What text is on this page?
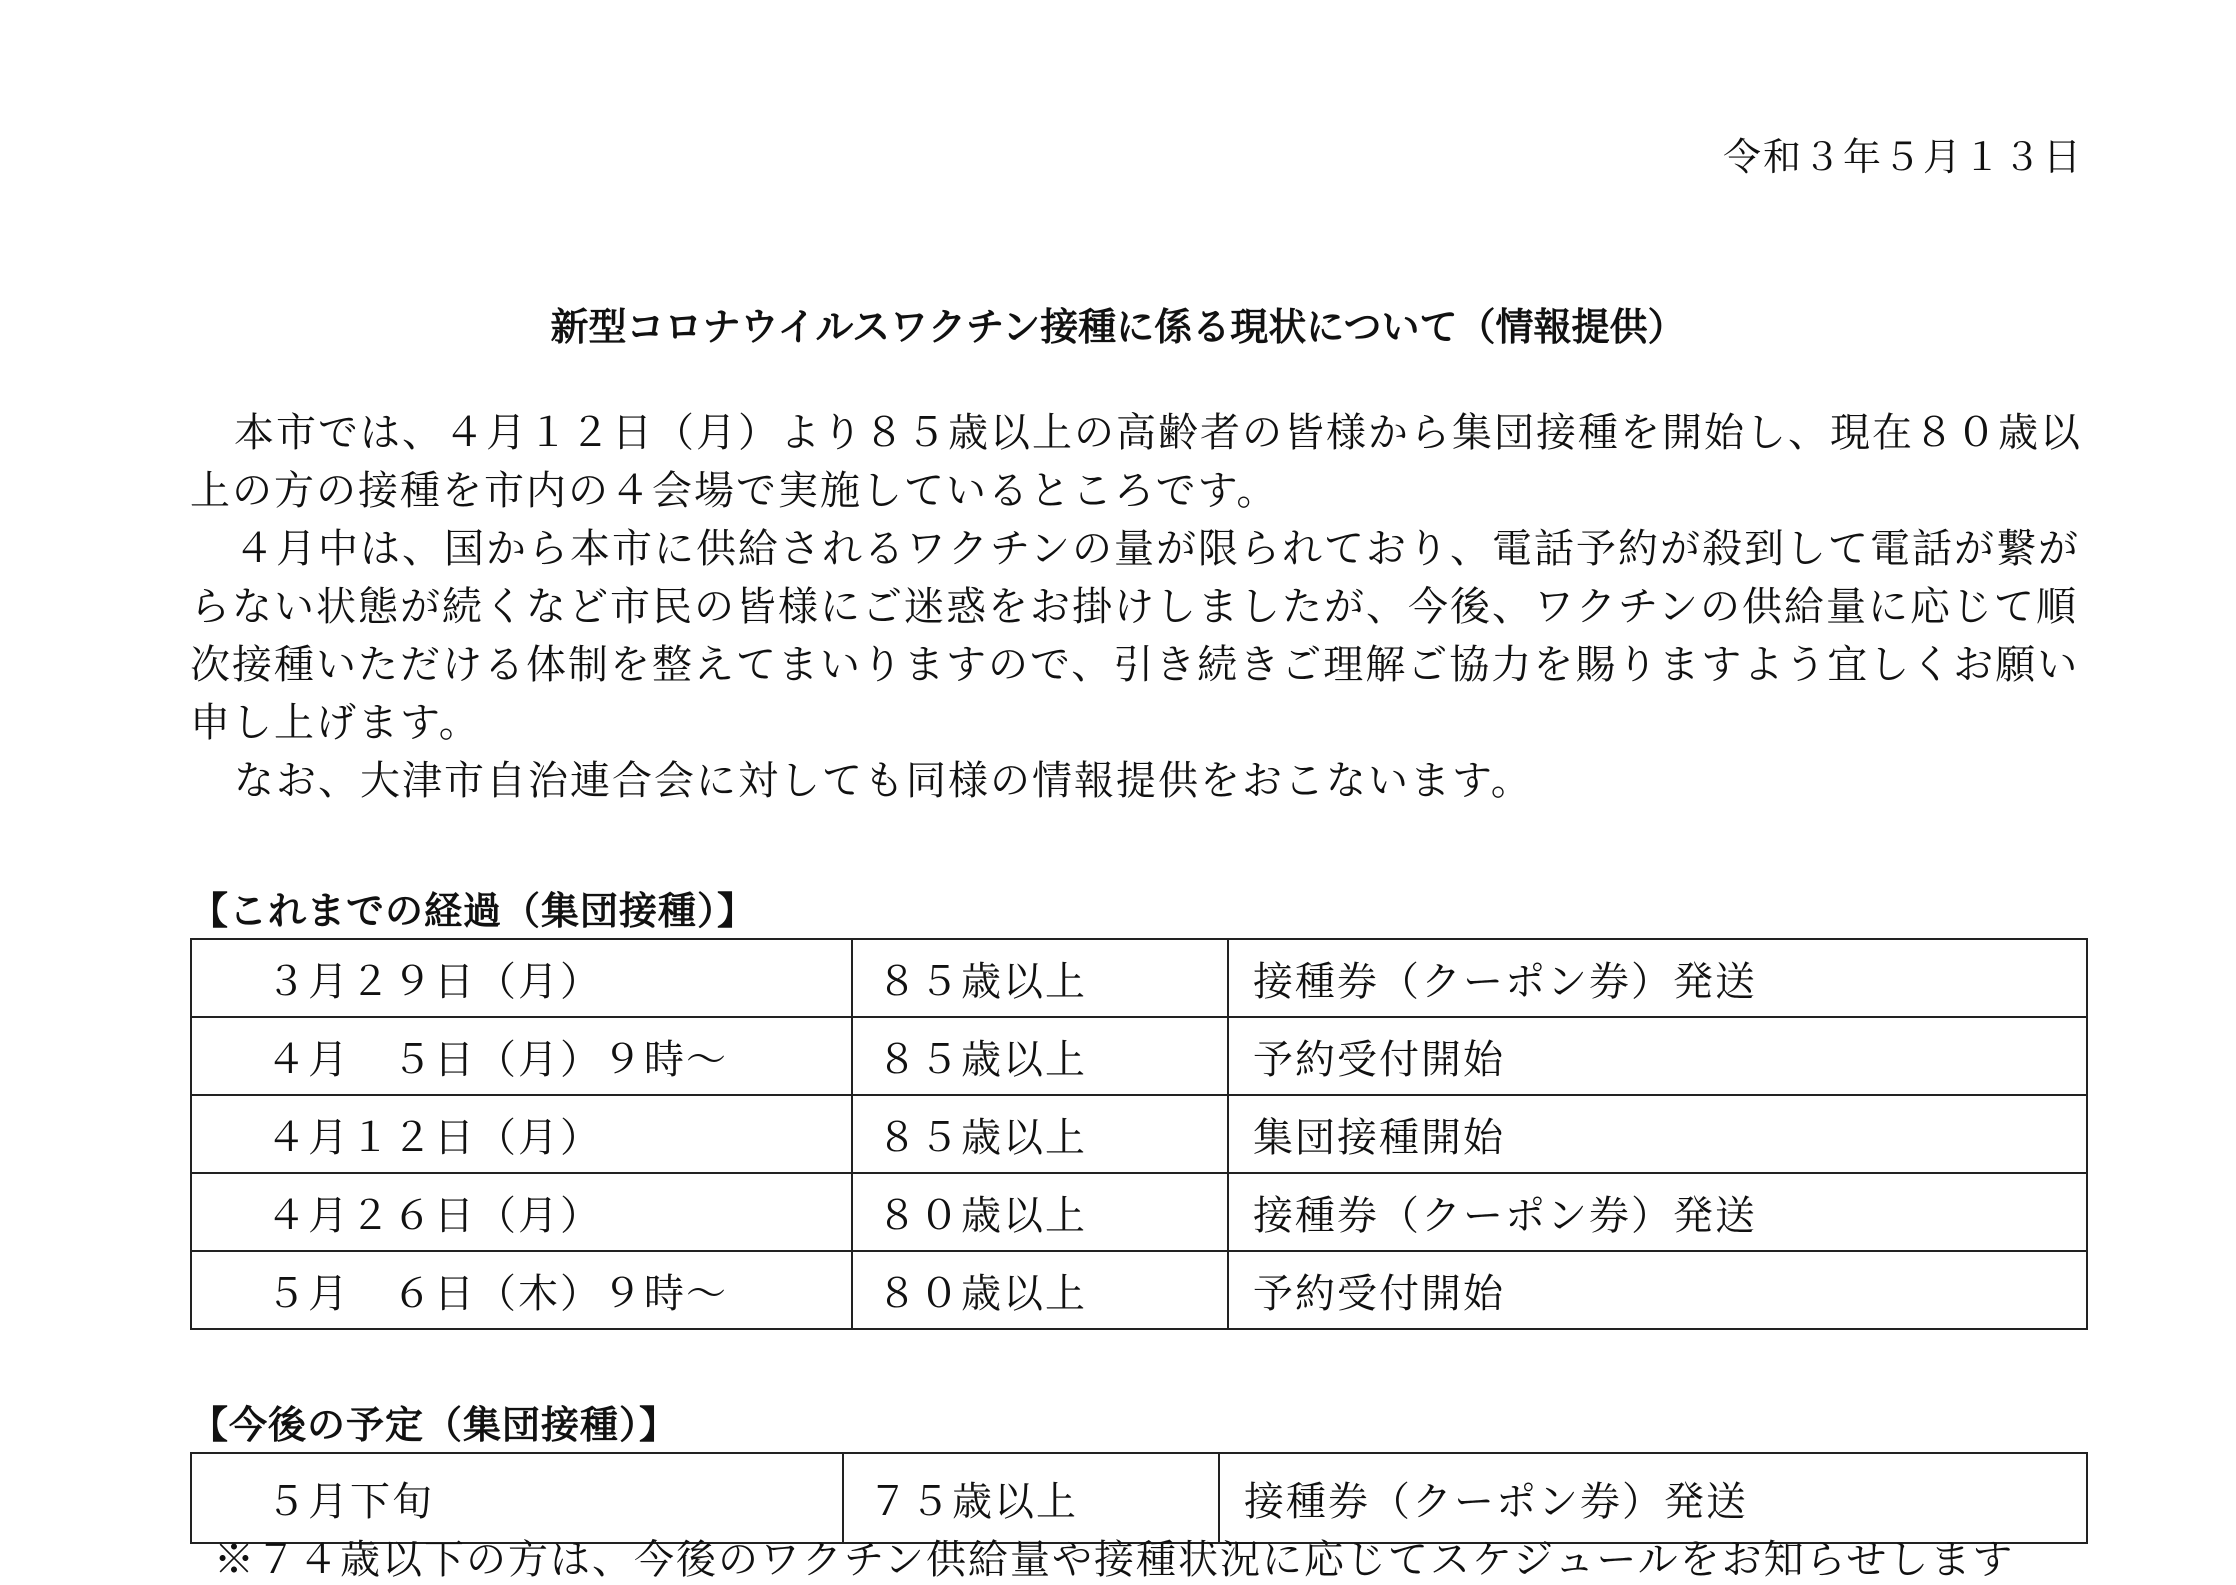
令和３年５月１３日

新型コロナウイルスワクチン接種に係る現状について（情報提供）

本市では、４月１２日（月）より８５歳以上の高齢者の皆様から集団接種を開始し、現在８０歳以上の方の接種を市内の４会場で実施しているところです。

４月中は、国から本市に供給されるワクチンの量が限られており、電話予約が殺到して電話が繋がらない状態が続くなど市民の皆様にご迷惑をお掛けしましたが、今後、ワクチンの供給量に応じて順次接種いただける体制を整えてまいりますので、引き続きご理解ご協力を賜りますよう宜しくお願い申し上げます。

なお、大津市自治連合会に対しても同様の情報提供をおこないます。

【これまでの経過（集団接種）】
３月２９日（月）	８５歳以上	接種券（クーポン券）発送
４月　５日（月）９時～	８５歳以上	予約受付開始
４月１２日（月）	８５歳以上	集団接種開始
４月２６日（月）	８０歳以上	接種券（クーポン券）発送
５月　６日（木）９時～	８０歳以上	予約受付開始
【今後の予定（集団接種）】
５月下旬	７５歳以上	接種券（クーポン券）発送

※７４歳以下の方は、今後のワクチン供給量や接種状況に応じてスケジュールをお知らせします
